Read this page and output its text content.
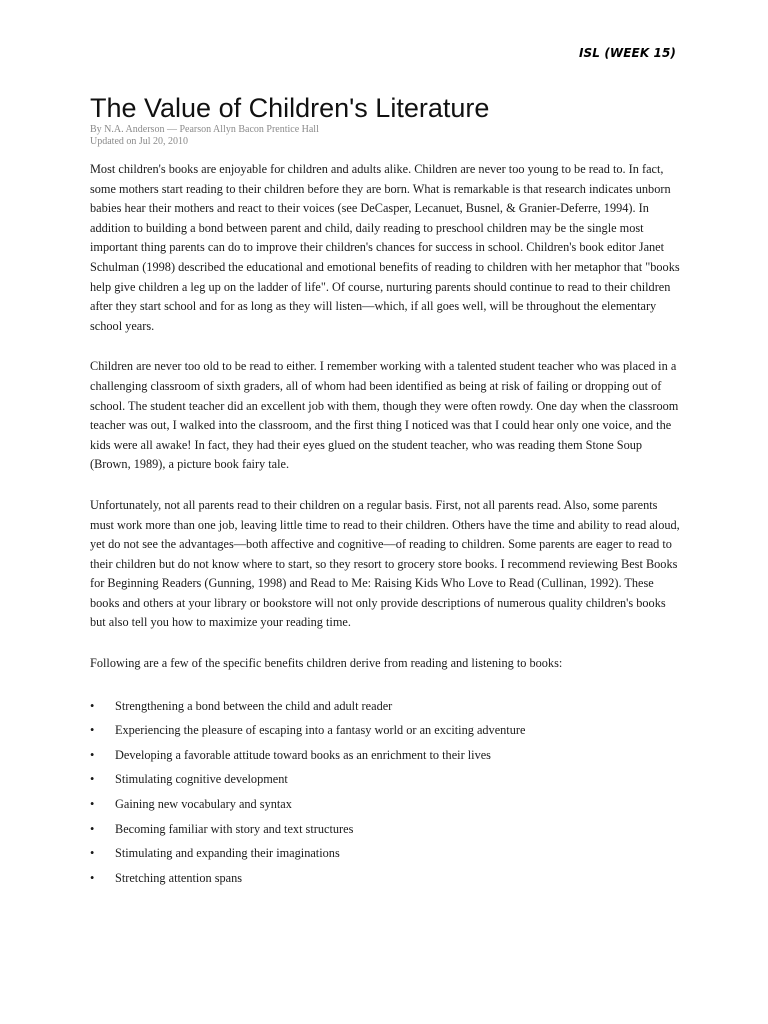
ISL (WEEK 15)
The Value of Children's Literature
By N.A. Anderson — Pearson Allyn Bacon Prentice Hall
Updated on Jul 20, 2010

Most children's books are enjoyable for children and adults alike. Children are never too young to be read to. In fact, some mothers start reading to their children before they are born. What is remarkable is that research indicates unborn babies hear their mothers and react to their voices (see DeCasper, Lecanuet, Busnel, & Granier-Deferre, 1994). In addition to building a bond between parent and child, daily reading to preschool children may be the single most important thing parents can do to improve their children's chances for success in school. Children's book editor Janet Schulman (1998) described the educational and emotional benefits of reading to children with her metaphor that "books help give children a leg up on the ladder of life". Of course, nurturing parents should continue to read to their children after they start school and for as long as they will listen—which, if all goes well, will be throughout the elementary school years.

Children are never too old to be read to either. I remember working with a talented student teacher who was placed in a challenging classroom of sixth graders, all of whom had been identified as being at risk of failing or dropping out of school. The student teacher did an excellent job with them, though they were often rowdy. One day when the classroom teacher was out, I walked into the classroom, and the first thing I noticed was that I could hear only one voice, and the kids were all awake! In fact, they had their eyes glued on the student teacher, who was reading them Stone Soup (Brown, 1989), a picture book fairy tale.

Unfortunately, not all parents read to their children on a regular basis. First, not all parents read. Also, some parents must work more than one job, leaving little time to read to their children. Others have the time and ability to read aloud, yet do not see the advantages—both affective and cognitive—of reading to children. Some parents are eager to read to their children but do not know where to start, so they resort to grocery store books. I recommend reviewing Best Books for Beginning Readers (Gunning, 1998) and Read to Me: Raising Kids Who Love to Read (Cullinan, 1992). These books and others at your library or bookstore will not only provide descriptions of numerous quality children's books but also tell you how to maximize your reading time.

Following are a few of the specific benefits children derive from reading and listening to books:

• Strengthening a bond between the child and adult reader
• Experiencing the pleasure of escaping into a fantasy world or an exciting adventure
• Developing a favorable attitude toward books as an enrichment to their lives
• Stimulating cognitive development
• Gaining new vocabulary and syntax
• Becoming familiar with story and text structures
• Stimulating and expanding their imaginations
• Stretching attention spans
